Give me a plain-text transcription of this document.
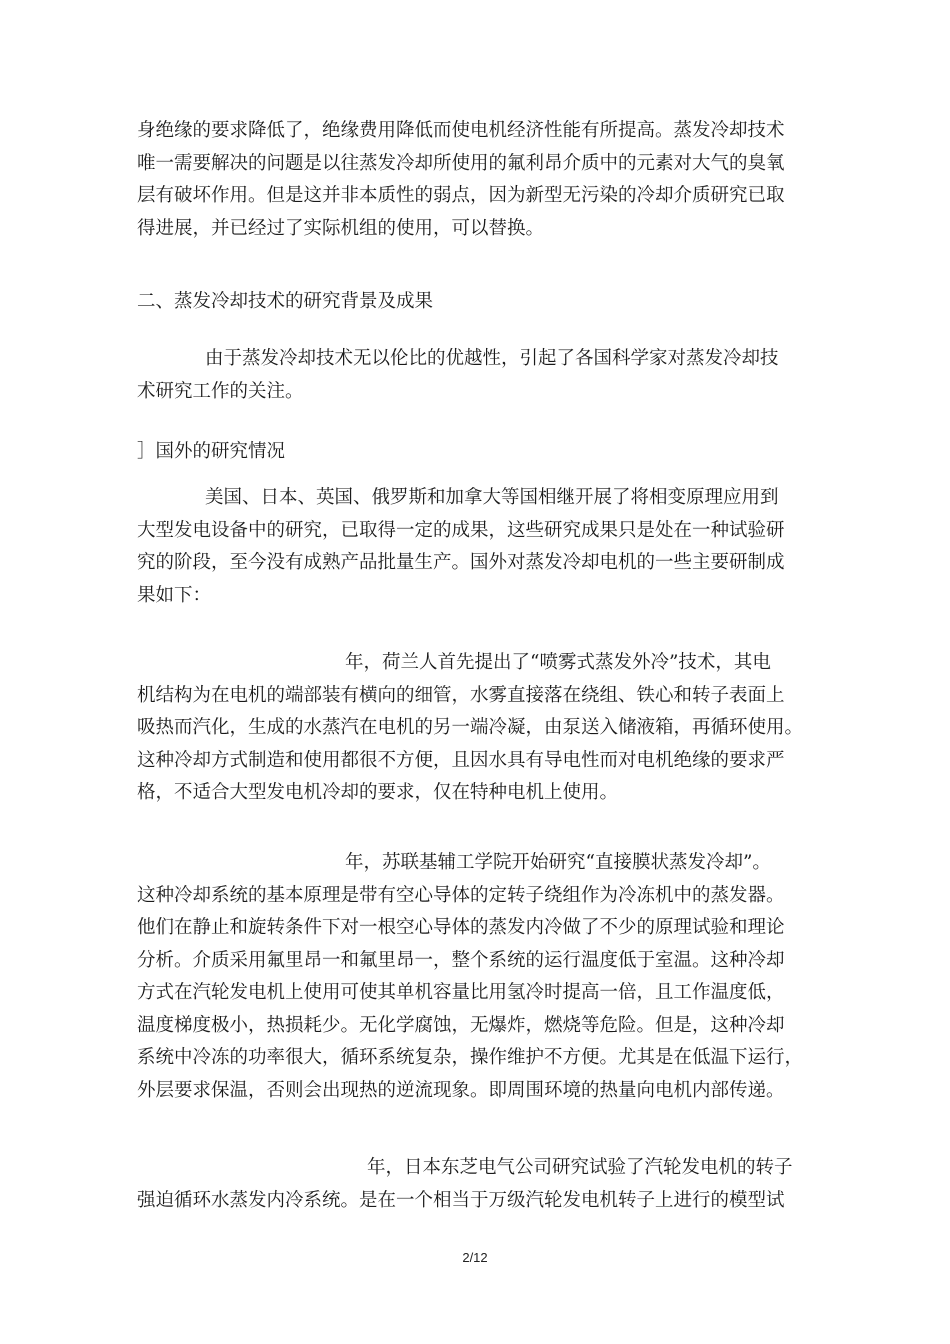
身绝缘的要求降低了，绝缘费用降低而使电机经济性能有所提高。蒸发冷却技术
唯一需要解决的问题是以往蒸发冷却所使用的氟利昂介质中的元素对大气的臭氧
层有破坏作用。但是这并非本质性的弱点，因为新型无污染的冷却介质研究已取
得进展，并已经过了实际机组的使用，可以替换。

二、蒸发冷却技术的研究背景及成果

由于蒸发冷却技术无以伦比的优越性，引起了各国科学家对蒸发冷却技
术研究工作的关注。

］国外的研究情况

美国、日本、英国、俄罗斯和加拿大等国相继开展了将相变原理应用到
大型发电设备中的研究，已取得一定的成果，这些研究成果只是处在一种试验研
究的阶段，至今没有成熟产品批量生产。国外对蒸发冷却电机的一些主要研制成
果如下：

年，荷兰人首先提出了“喷雾式蒸发外冷”技术，其电
机结构为在电机的端部装有横向的细管，水雾直接落在绕组、铁心和转子表面上
吸热而汽化，生成的水蒸汽在电机的另一端冷凝，由泵送入储液箱，再循环使用。
这种冷却方式制造和使用都很不方便，且因水具有导电性而对电机绝缘的要求严
格，不适合大型发电机冷却的要求，仅在特种电机上使用。

年，苏联基辅工学院开始研究“直接膜状蒸发冷却”。
这种冷却系统的基本原理是带有空心导体的定转子绕组作为冷冻机中的蒸发器。
他们在静止和旋转条件下对一根空心导体的蒸发内冷做了不少的原理试验和理论
分析。介质采用氟里昂一和氟里昂一，整个系统的运行温度低于室温。这种冷却
方式在汽轮发电机上使用可使其单机容量比用氢冷时提高一倍，且工作温度低，
温度梯度极小，热损耗少。无化学腐蚀，无爆炸，燃烧等危险。但是，这种冷却
系统中冷冻的功率很大，循环系统复杂，操作维护不方便。尤其是在低温下运行，
外层要求保温，否则会出现热的逆流现象。即周围环境的热量向电机内部传递。

年，日本东芝电气公司研究试验了汽轮发电机的转子
强迫循环水蒸发内冷系统。是在一个相当于万级汽轮发电机转子上进行的模型试

2/12
